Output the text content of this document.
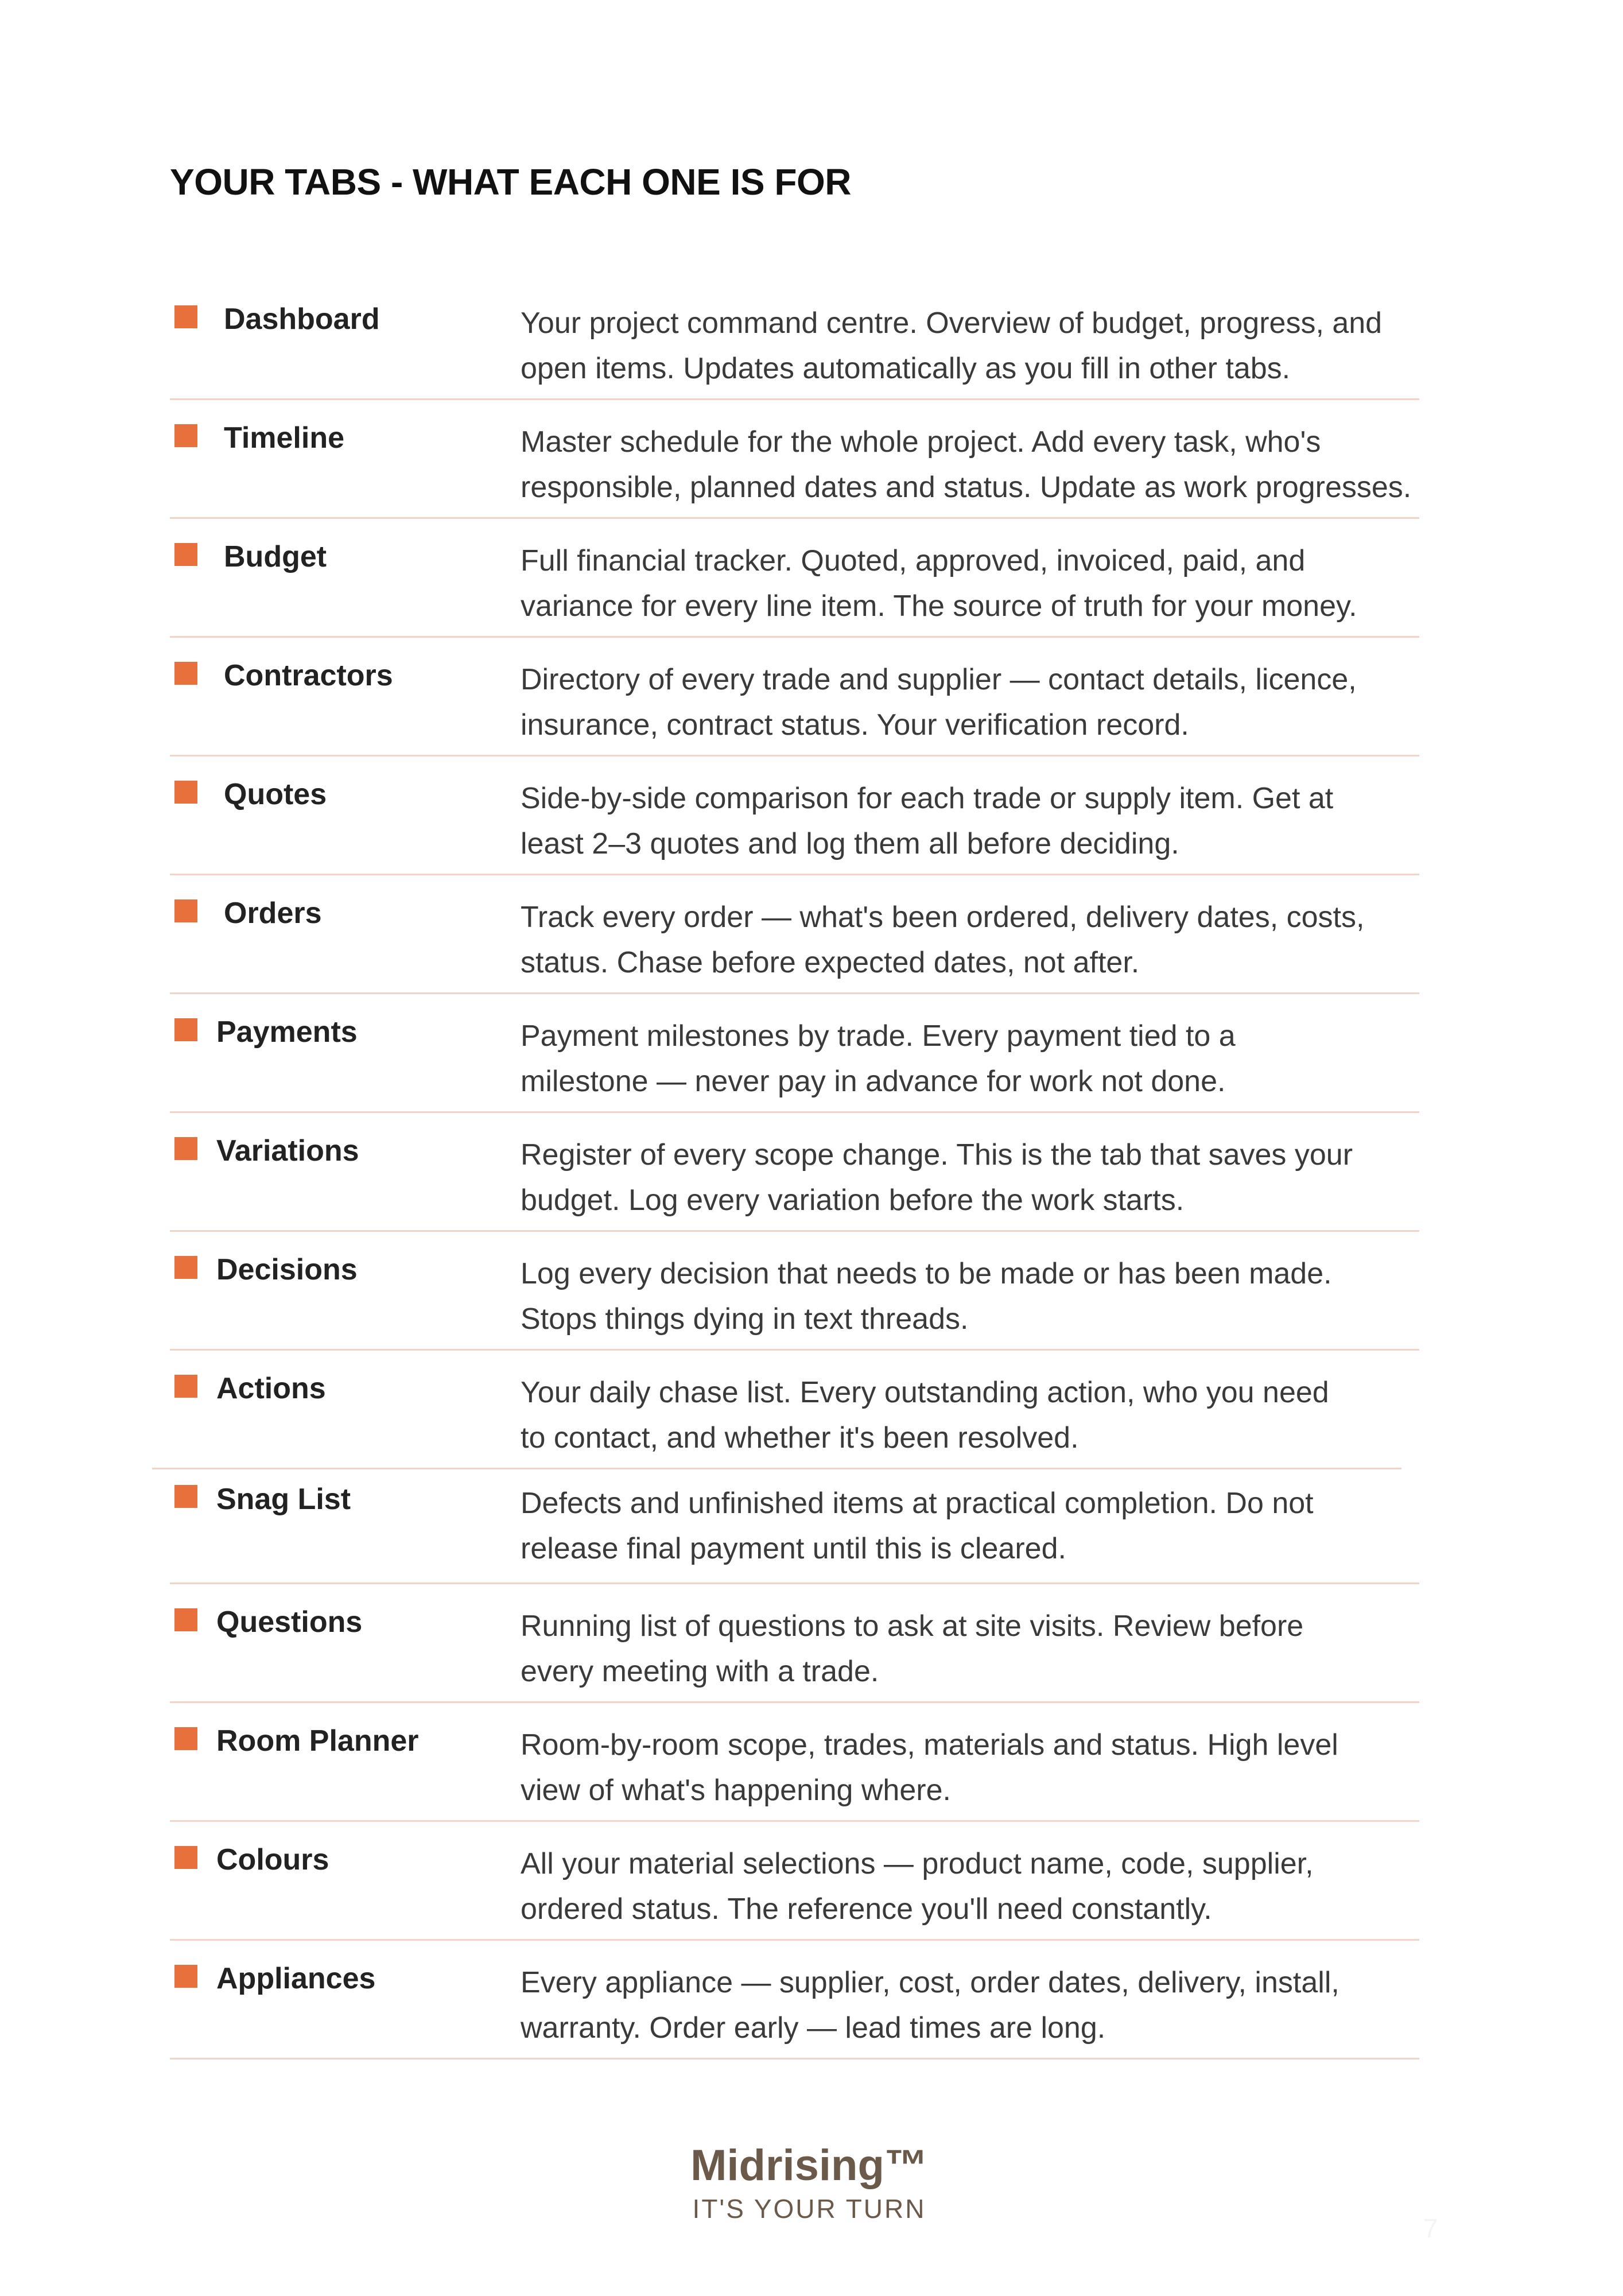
YOUR TABS - WHAT EACH ONE IS FOR
Dashboard	Your project command centre. Overview of budget, progress, and
open items. Updates automatically as you fill in other tabs.

Timeline	Master schedule for the whole project. Add every task, who's
responsible, planned dates and status. Update as work progresses.

Budget	Full financial tracker. Quoted, approved, invoiced, paid, and
variance for every line item. The source of truth for your money.

Contractors	Directory of every trade and supplier — contact details, licence,
insurance, contract status. Your verification record.

Quotes	Side-by-side comparison for each trade or supply item. Get at
least 2–3 quotes and log them all before deciding.

Orders	Track every order — what's been ordered, delivery dates, costs,
status. Chase before expected dates, not after.

Payments	Payment milestones by trade. Every payment tied to a
milestone — never pay in advance for work not done.

Variations	Register of every scope change. This is the tab that saves your
budget. Log every variation before the work starts.

Decisions	Log every decision that needs to be made or has been made.
Stops things dying in text threads.

Actions	Your daily chase list. Every outstanding action, who you need
to contact, and whether it's been resolved.

Snag List	Defects and unfinished items at practical completion. Do not
release final payment until this is cleared.

Questions	Running list of questions to ask at site visits. Review before
every meeting with a trade.

Room Planner	Room-by-room scope, trades, materials and status. High level
view of what's happening where.

Colours	All your material selections — product name, code, supplier,
ordered status. The reference you'll need constantly.

Appliances	Every appliance — supplier, cost, order dates, delivery, install,
warranty. Order early — lead times are long.

Midrising™
IT'S YOUR TURN
7
